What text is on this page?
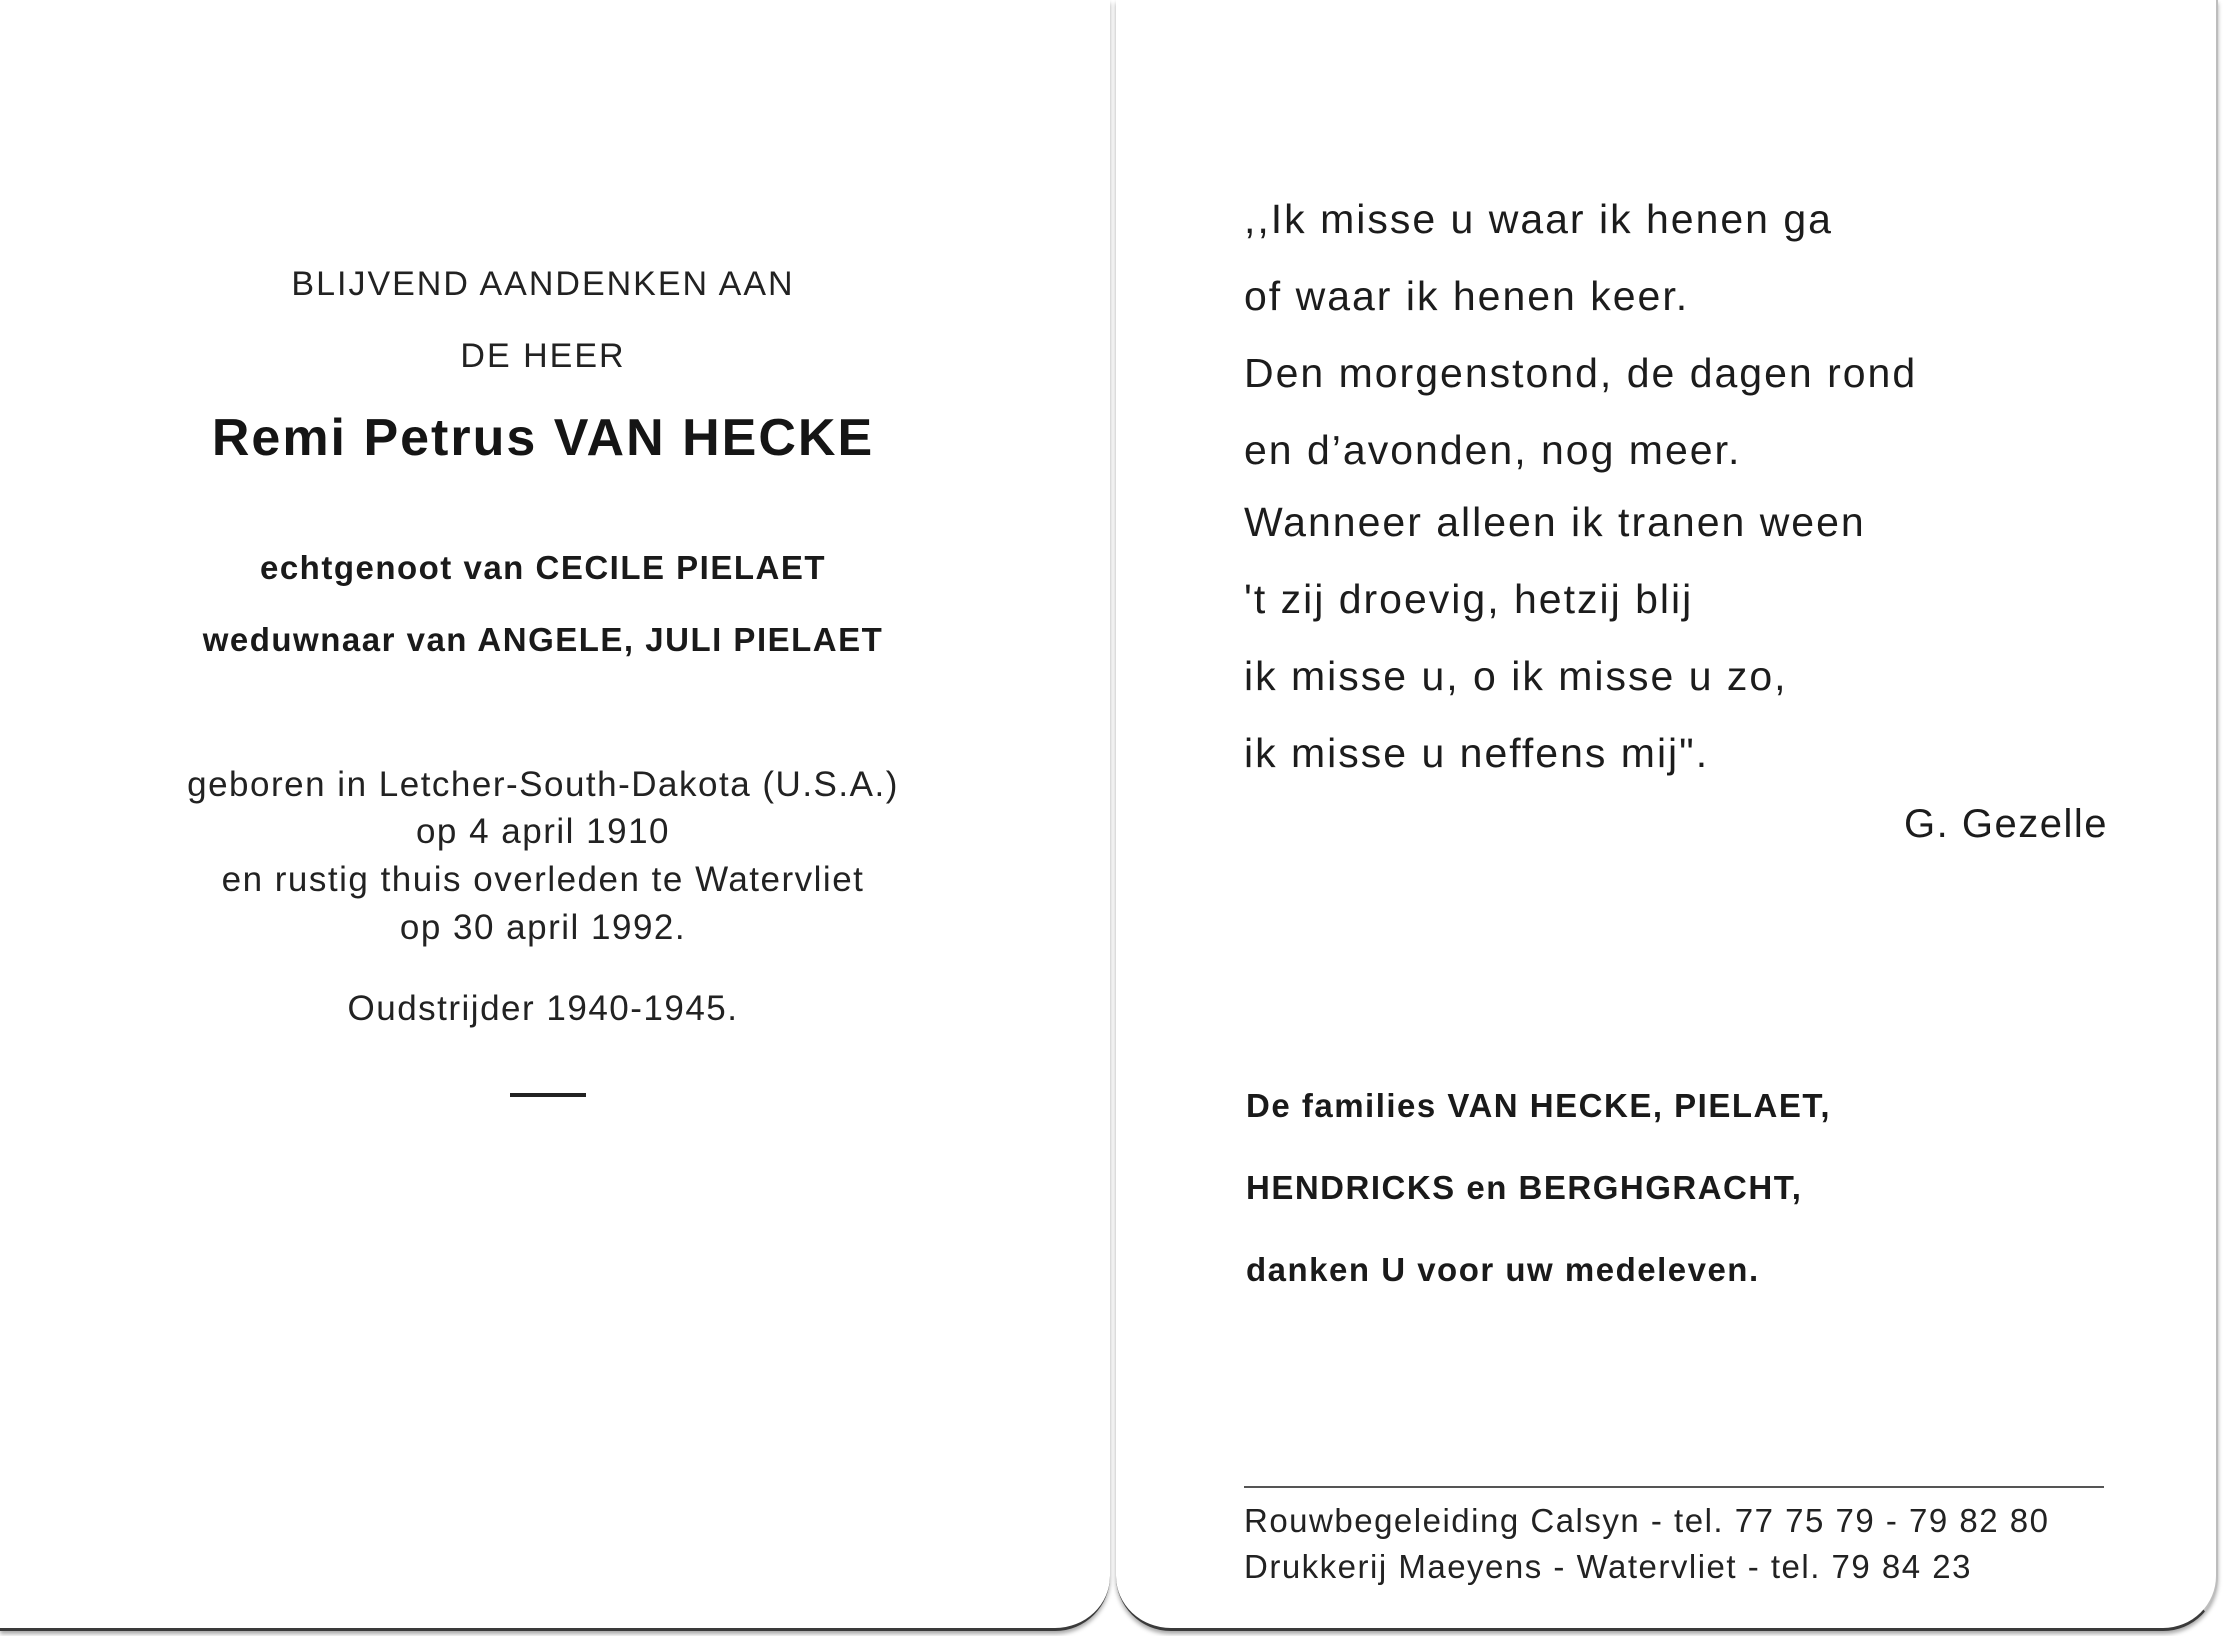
BLIJVEND AANDENKEN AAN
DE HEER
Remi Petrus VAN HECKE
echtgenoot van CECILE PIELAET
weduwnaar van ANGELE, JULI PIELAET
geboren in Letcher-South-Dakota (U.S.A.)
op 4 april 1910
en rustig thuis overleden te Watervliet
op 30 april 1992.
Oudstrijder 1940-1945.
,,Ik misse u waar ik henen ga
of waar ik henen keer.
Den morgenstond, de dagen rond
en d’avonden, nog meer.
Wanneer alleen ik tranen ween
't zij droevig, hetzij blij
ik misse u, o ik misse u zo,
ik misse u neffens mij".
G. Gezelle
De families VAN HECKE, PIELAET,
HENDRICKS en BERGHGRACHT,
danken U voor uw medeleven.
Rouwbegeleiding Calsyn - tel. 77 75 79 - 79 82 80
Drukkerij Maeyens - Watervliet - tel. 79 84 23
